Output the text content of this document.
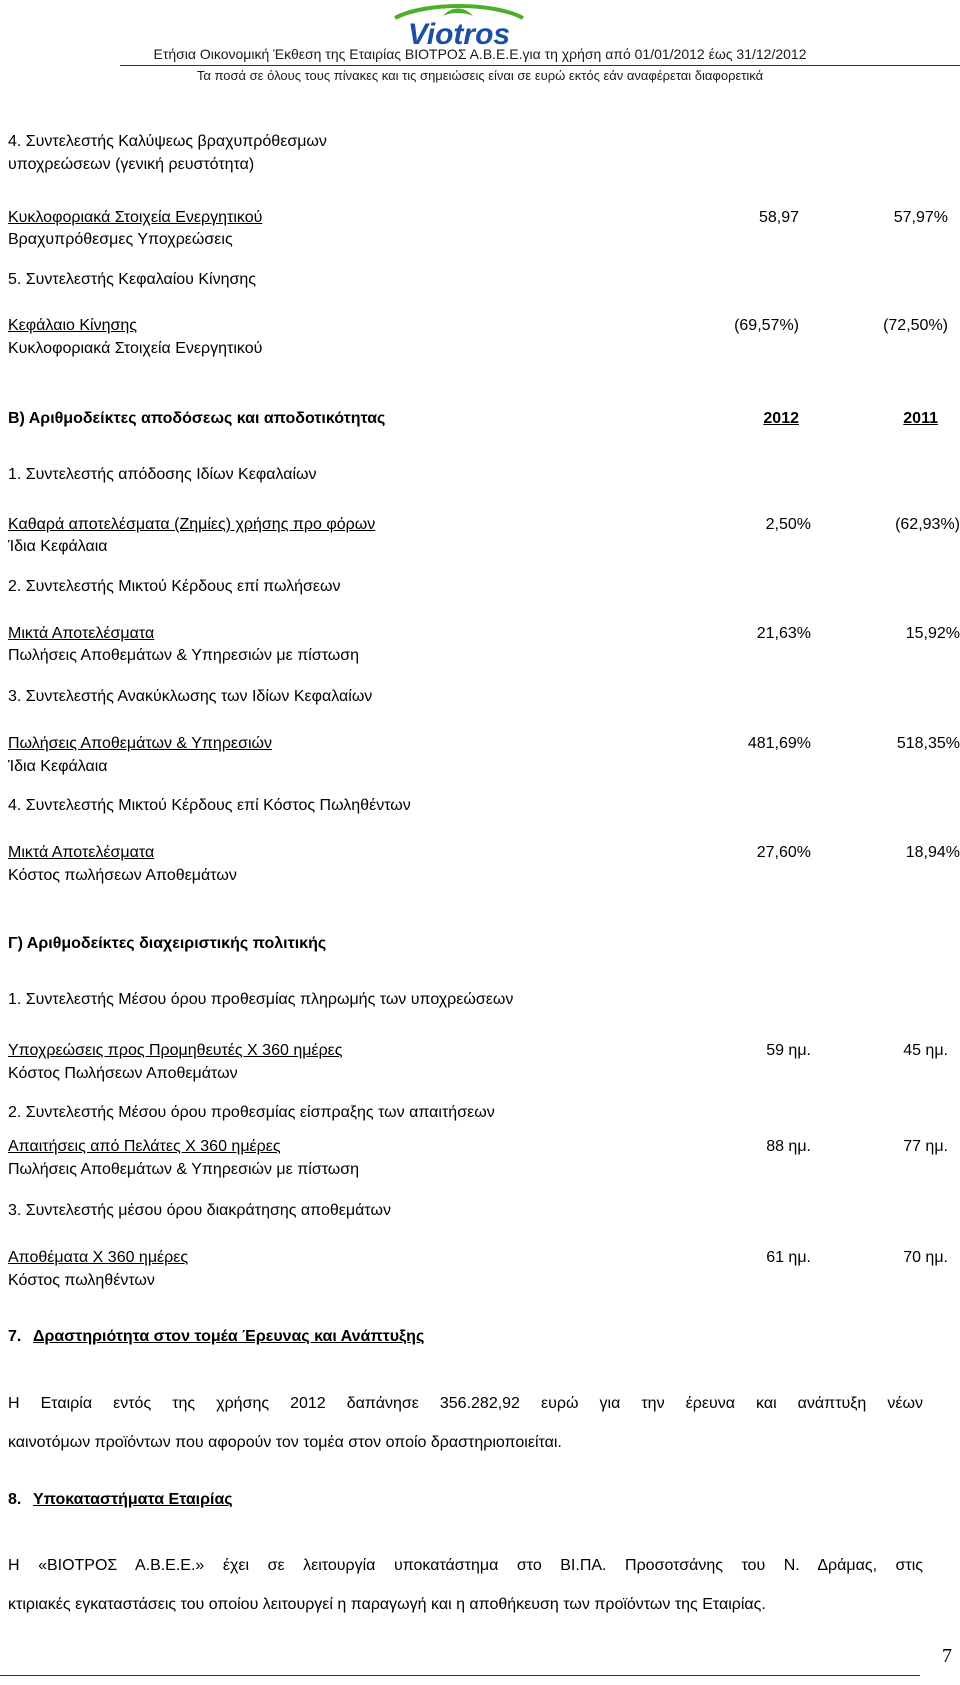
Viotros
Ετήσια Οικονομική Έκθεση της Εταιρίας ΒΙΟΤΡΟΣ Α.Β.Ε.Ε.για τη χρήση από 01/01/2012 έως 31/12/2012
Τα ποσά σε όλους τους πίνακες και τις σημειώσεις είναι σε ευρώ εκτός εάν αναφέρεται διαφορετικά
4. Συντελεστής Καλύψεως βραχυπρόθεσμων
υποχρεώσεων (γενική ρευστότητα)
Κυκλοφοριακά Στοιχεία Ενεργητικού	58,97	57,97%
Βραχυπρόθεσμες Υποχρεώσεις
5. Συντελεστής Κεφαλαίου Κίνησης
Κεφάλαιο Κίνησης	(69,57%)	(72,50%)
Κυκλοφοριακά Στοιχεία Ενεργητικού
Β) Αριθμοδείκτες αποδόσεως και αποδοτικότητας	2012	2011
1. Συντελεστής απόδοσης Ιδίων Κεφαλαίων
Καθαρά αποτελέσματα (Ζημίες) χρήσης προ φόρων	2,50%	(62,93%)
Ίδια Κεφάλαια
2. Συντελεστής Μικτού Κέρδους επί πωλήσεων
Μικτά Αποτελέσματα	21,63%	15,92%
Πωλήσεις Αποθεμάτων & Υπηρεσιών με πίστωση
3. Συντελεστής Ανακύκλωσης των Ιδίων Κεφαλαίων
Πωλήσεις Αποθεμάτων & Υπηρεσιών	481,69%	518,35%
Ίδια Κεφάλαια
4. Συντελεστής Μικτού Κέρδους επί Κόστος Πωληθέντων
Μικτά Αποτελέσματα	27,60%	18,94%
Κόστος πωλήσεων Αποθεμάτων
Γ) Αριθμοδείκτες διαχειριστικής πολιτικής
1. Συντελεστής Μέσου όρου προθεσμίας πληρωμής των υποχρεώσεων
Υποχρεώσεις προς Προμηθευτές Χ 360 ημέρες	59 ημ.	45 ημ.
Κόστος Πωλήσεων Αποθεμάτων
2. Συντελεστής Μέσου όρου προθεσμίας είσπραξης των απαιτήσεων
Απαιτήσεις από Πελάτες Χ 360 ημέρες	88 ημ.	77 ημ.
Πωλήσεις Αποθεμάτων & Υπηρεσιών με πίστωση
3. Συντελεστής μέσου όρου διακράτησης αποθεμάτων
Αποθέματα Χ 360 ημέρες	61 ημ.	70 ημ.
Κόστος πωληθέντων
7. Δραστηριότητα στον τομέα Έρευνας και Ανάπτυξης
Η Εταιρία εντός της χρήσης 2012 δαπάνησε 356.282,92 ευρώ για την έρευνα και ανάπτυξη νέων
καινοτόμων προϊόντων που αφορούν τον τομέα στον οποίο δραστηριοποιείται.
8. Υποκαταστήματα Εταιρίας
Η «ΒΙΟΤΡΟΣ Α.Β.Ε.Ε.» έχει σε λειτουργία υποκατάστημα στο ΒΙ.ΠΑ. Προσοτσάνης του Ν. Δράμας, στις
κτιριακές εγκαταστάσεις του οποίου λειτουργεί η παραγωγή και η αποθήκευση των προϊόντων της Εταιρίας.
7
